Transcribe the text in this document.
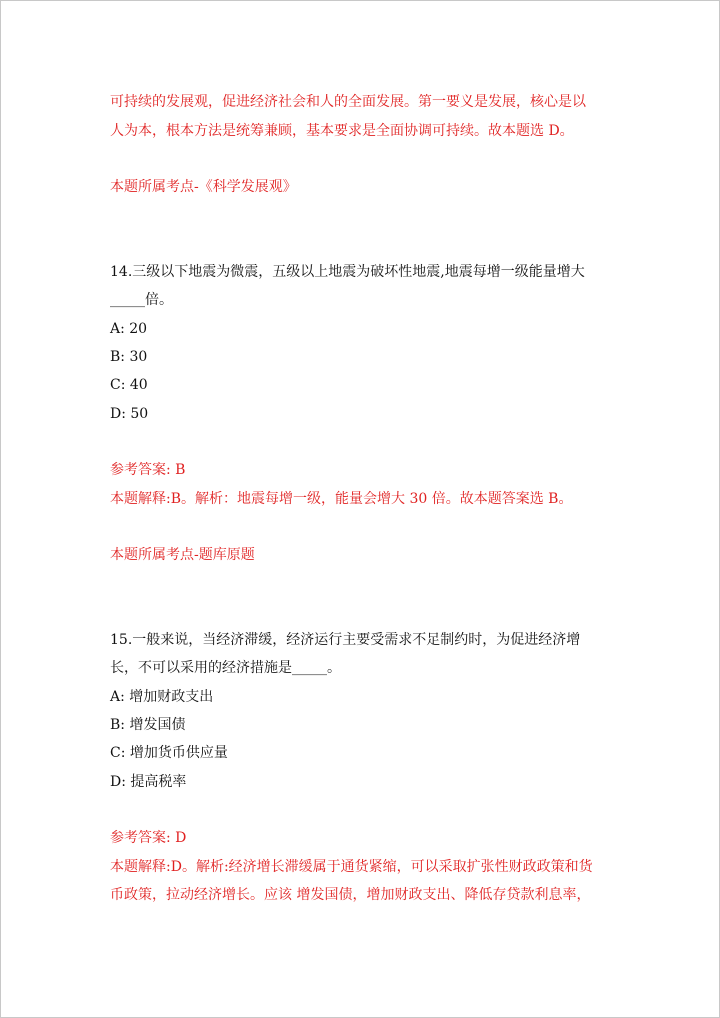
可持续的发展观，促进经济社会和人的全面发展。第一要义是发展，核心是以
人为本，根本方法是统筹兼顾，基本要求是全面协调可持续。故本题选 D。
本题所属考点-《科学发展观》
14.三级以下地震为微震，五级以上地震为破坏性地震,地震每增一级能量增大
_____倍。
A: 20
B: 30
C: 40
D: 50
参考答案: B
本题解释:B。解析：地震每增一级，能量会增大 30 倍。故本题答案选 B。
本题所属考点-题库原题
15.一般来说，当经济滞缓，经济运行主要受需求不足制约时，为促进经济增
长，不可以采用的经济措施是_____。
A: 增加财政支出
B: 增发国债
C: 增加货币供应量
D: 提高税率
参考答案: D
本题解释:D。解析:经济增长滞缓属于通货紧缩，可以采取扩张性财政政策和货
币政策，拉动经济增长。应该 增发国债，增加财政支出、降低存贷款利息率，
